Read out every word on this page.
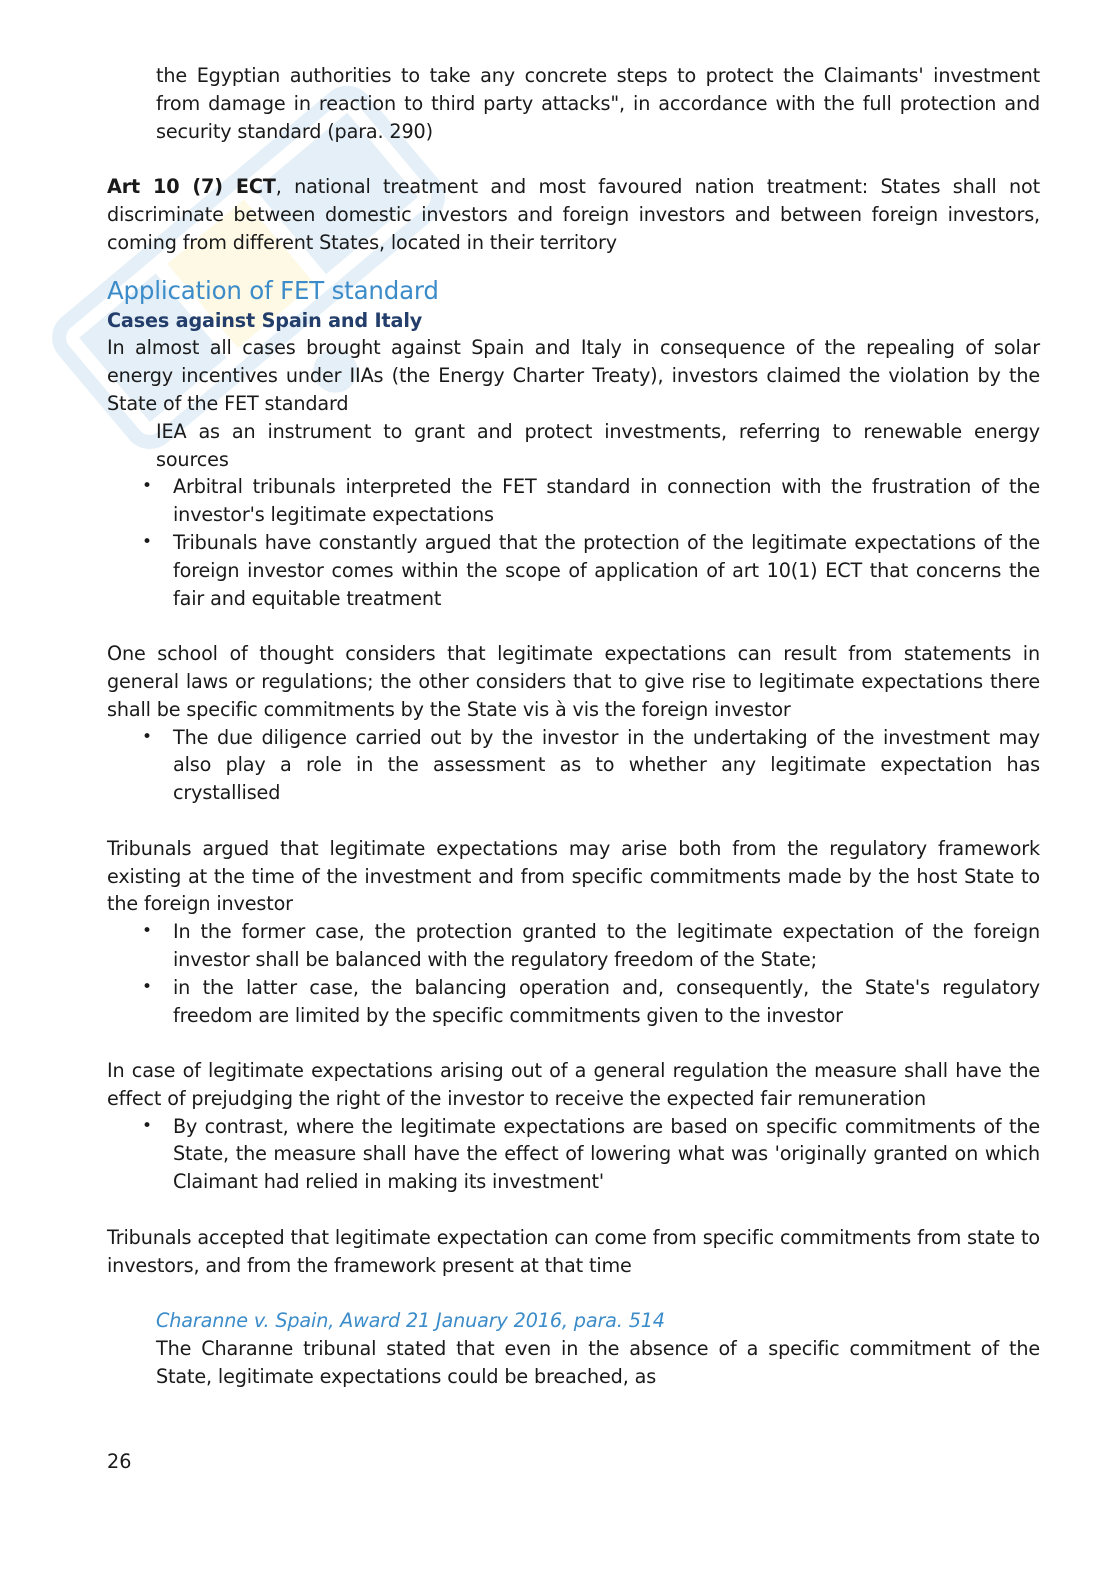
the Egyptian authorities to take any concrete steps to protect the Claimants' investment from damage in reaction to third party attacks", in accordance with the full protection and security standard (para. 290)

Art 10 (7) ECT, national treatment and most favoured nation treatment: States shall not discriminate between domestic investors and foreign investors and between foreign investors, coming from different States, located in their territory

Application of FET standard

Cases against Spain and Italy

In almost all cases brought against Spain and Italy in consequence of the repealing of solar energy incentives under IIAs (the Energy Charter Treaty), investors claimed the violation by the State of the FET standard

IEA as an instrument to grant and protect investments, referring to renewable energy sources

• Arbitral tribunals interpreted the FET standard in connection with the frustration of the investor's legitimate expectations
• Tribunals have constantly argued that the protection of the legitimate expectations of the foreign investor comes within the scope of application of art 10(1) ECT that concerns the fair and equitable treatment

One school of thought considers that legitimate expectations can result from statements in general laws or regulations; the other considers that to give rise to legitimate expectations there shall be specific commitments by the State vis à vis the foreign investor

• The due diligence carried out by the investor in the undertaking of the investment may also play a role in the assessment as to whether any legitimate expectation has crystallised

Tribunals argued that legitimate expectations may arise both from the regulatory framework existing at the time of the investment and from specific commitments made by the host State to the foreign investor

• In the former case, the protection granted to the legitimate expectation of the foreign investor shall be balanced with the regulatory freedom of the State;
• in the latter case, the balancing operation and, consequently, the State's regulatory freedom are limited by the specific commitments given to the investor

In case of legitimate expectations arising out of a general regulation the measure shall have the effect of prejudging the right of the investor to receive the expected fair remuneration

• By contrast, where the legitimate expectations are based on specific commitments of the State, the measure shall have the effect of lowering what was 'originally granted on which Claimant had relied in making its investment'

Tribunals accepted that legitimate expectation can come from specific commitments from state to investors, and from the framework present at that time

Charanne v. Spain, Award 21 January 2016, para. 514

The Charanne tribunal stated that even in the absence of a specific commitment of the State, legitimate expectations could be breached, as

26
